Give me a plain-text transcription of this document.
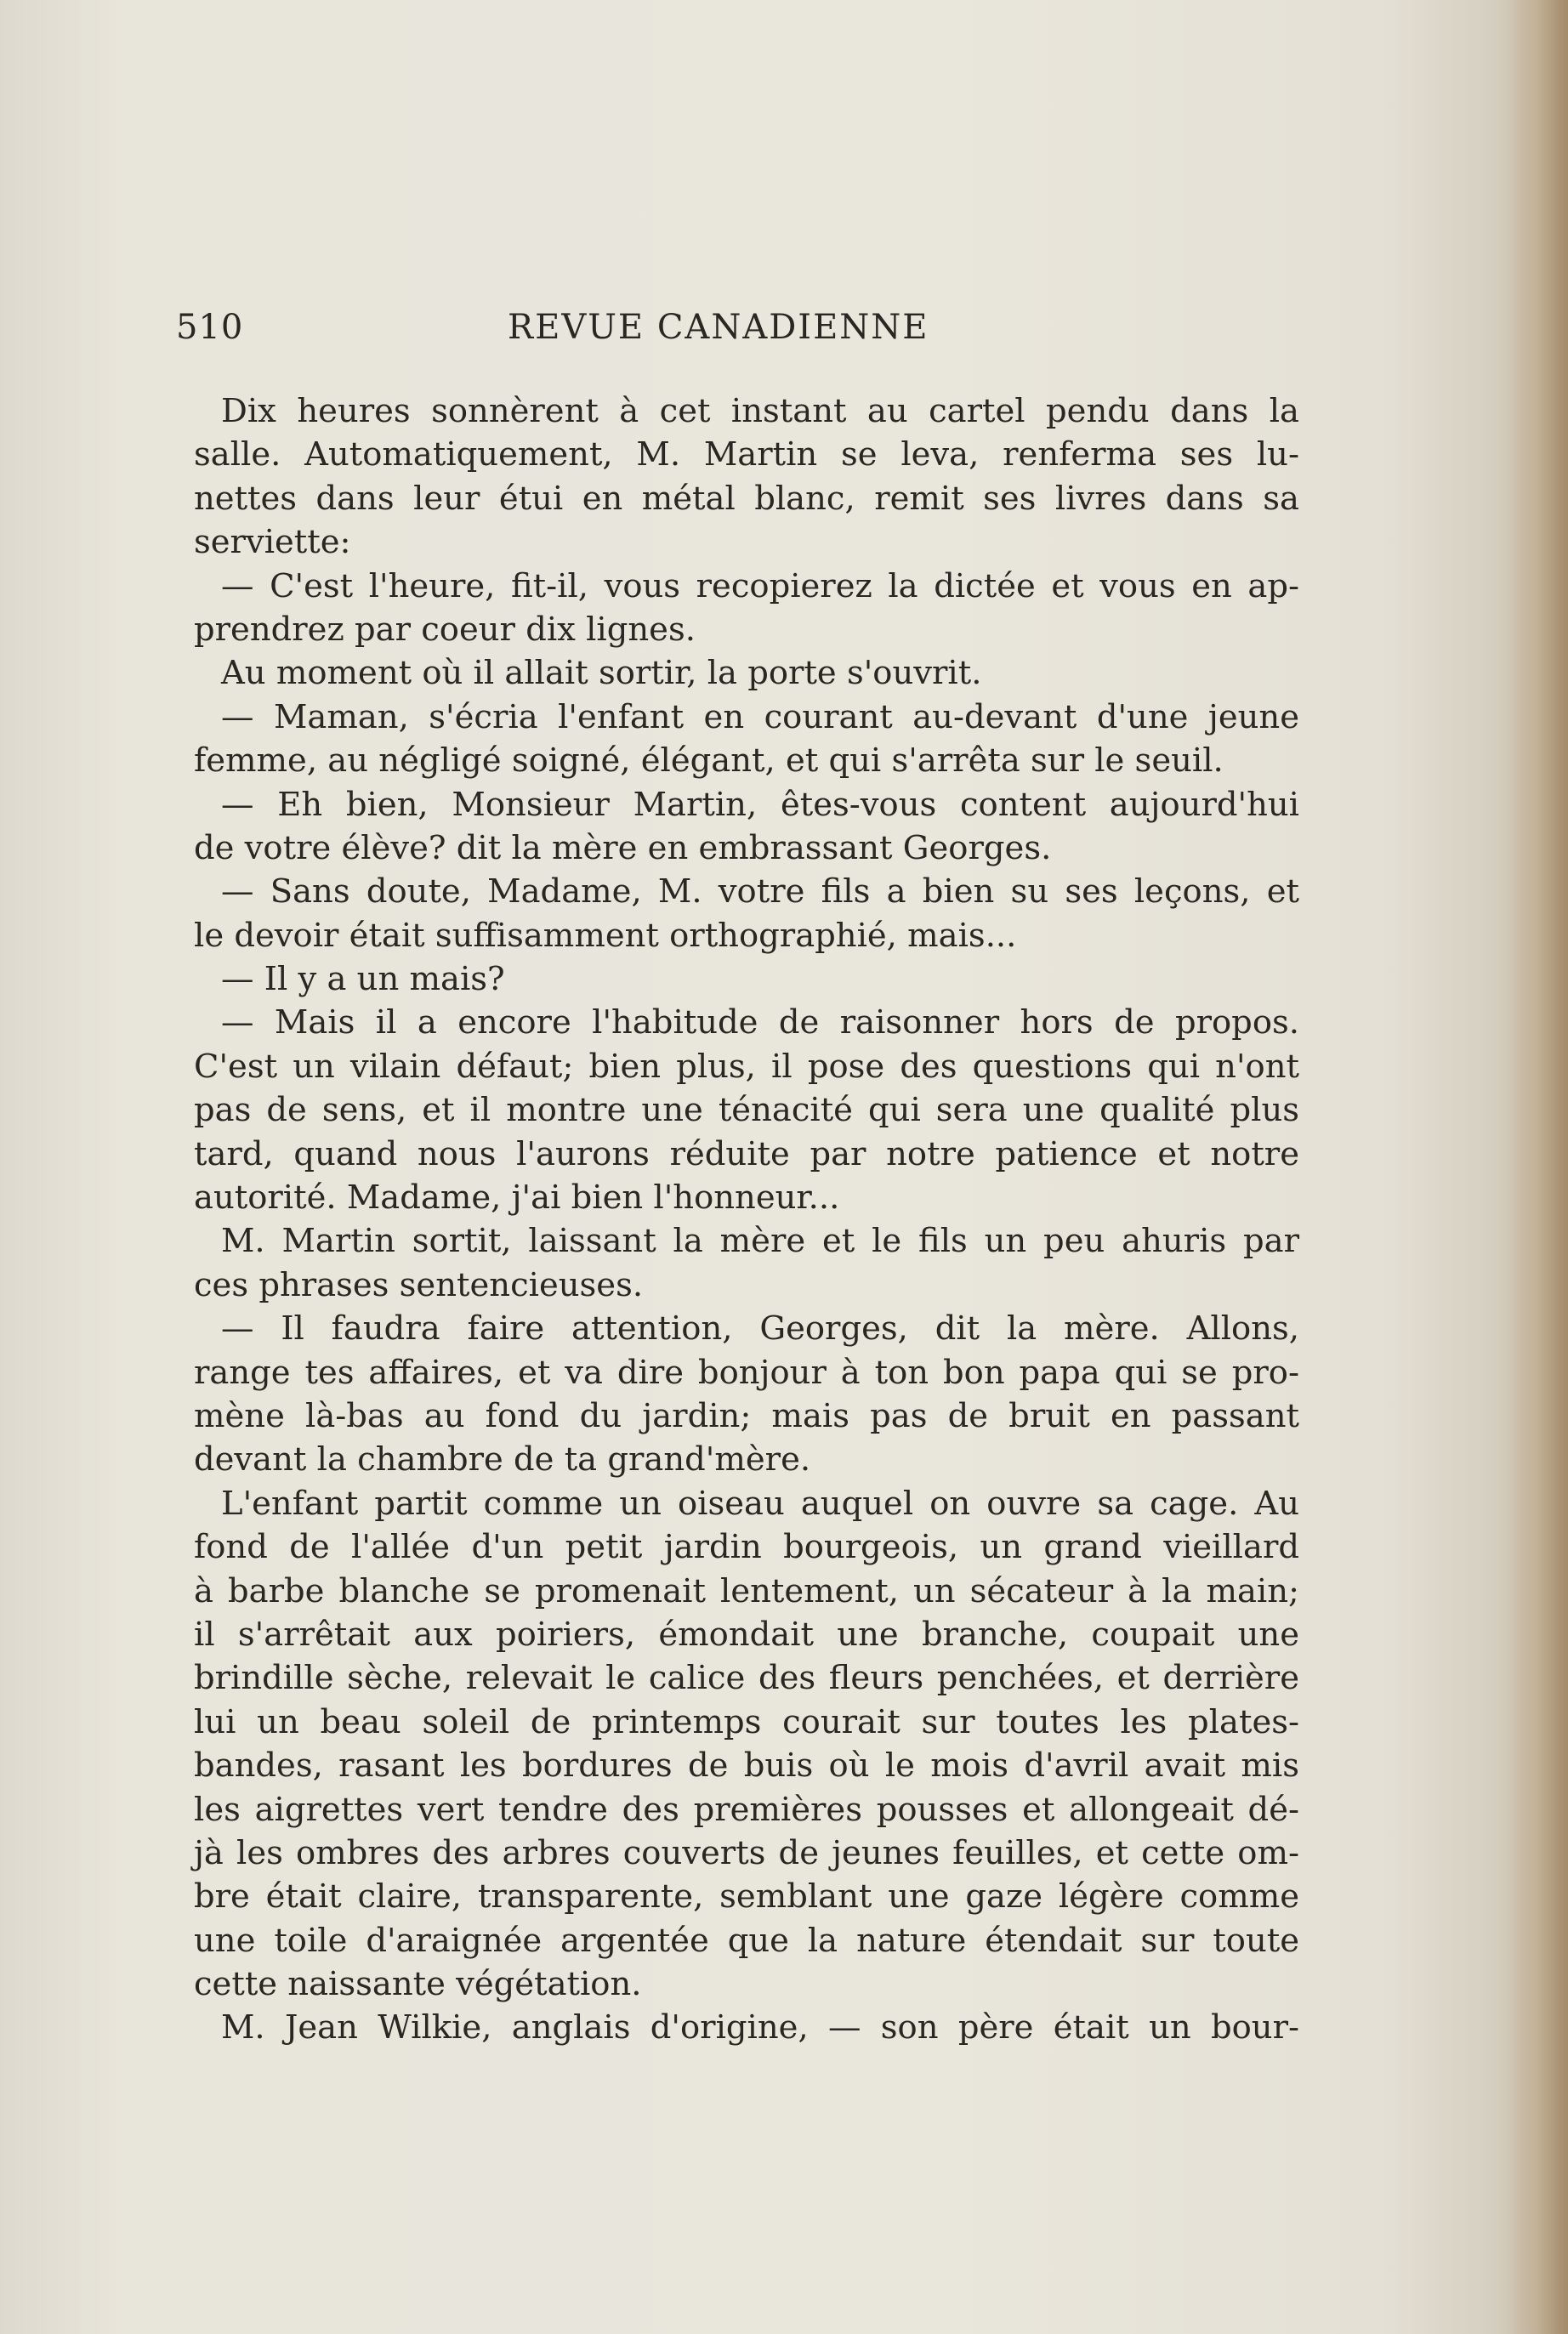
510	REVUE CANADIENNE
Dix heures sonnèrent à cet instant au cartel pendu dans la
salle. Automatiquement, M. Martin se leva, renferma ses lu-
nettes dans leur étui en métal blanc, remit ses livres dans sa
serviette:
— C'est l'heure, fit-il, vous recopierez la dictée et vous en ap-
prendrez par coeur dix lignes.
Au moment où il allait sortir, la porte s'ouvrit.
— Maman, s'écria l'enfant en courant au-devant d'une jeune
femme, au négligé soigné, élégant, et qui s'arrêta sur le seuil.
— Eh bien, Monsieur Martin, êtes-vous content aujourd'hui
de votre élève? dit la mère en embrassant Georges.
— Sans doute, Madame, M. votre fils a bien su ses leçons, et
le devoir était suffisamment orthographié, mais...
— Il y a un mais?
— Mais il a encore l'habitude de raisonner hors de propos.
C'est un vilain défaut; bien plus, il pose des questions qui n'ont
pas de sens, et il montre une ténacité qui sera une qualité plus
tard, quand nous l'aurons réduite par notre patience et notre
autorité. Madame, j'ai bien l'honneur...
M. Martin sortit, laissant la mère et le fils un peu ahuris par
ces phrases sentencieuses.
— Il faudra faire attention, Georges, dit la mère. Allons,
range tes affaires, et va dire bonjour à ton bon papa qui se pro-
mène là-bas au fond du jardin; mais pas de bruit en passant
devant la chambre de ta grand'mère.
L'enfant partit comme un oiseau auquel on ouvre sa cage. Au
fond de l'allée d'un petit jardin bourgeois, un grand vieillard
à barbe blanche se promenait lentement, un sécateur à la main;
il s'arrêtait aux poiriers, émondait une branche, coupait une
brindille sèche, relevait le calice des fleurs penchées, et derrière
lui un beau soleil de printemps courait sur toutes les plates-
bandes, rasant les bordures de buis où le mois d'avril avait mis
les aigrettes vert tendre des premières pousses et allongeait dé-
jà les ombres des arbres couverts de jeunes feuilles, et cette om-
bre était claire, transparente, semblant une gaze légère comme
une toile d'araignée argentée que la nature étendait sur toute
cette naissante végétation.
M. Jean Wilkie, anglais d'origine, — son père était un bour-
